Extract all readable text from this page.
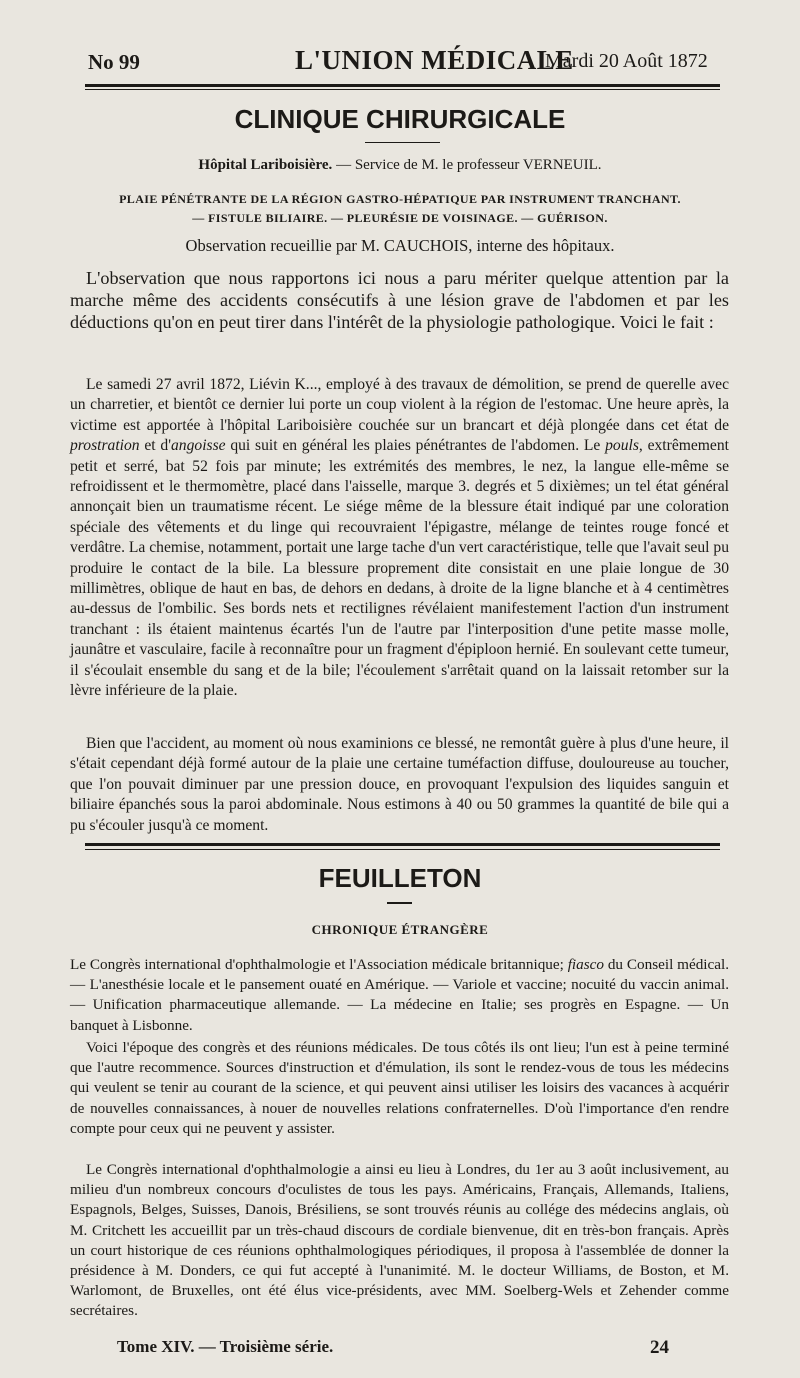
No 99	L'UNION MÉDICALE
Mardi 20 Août 1872
CLINIQUE CHIRURGICALE
Hôpital Lariboisière. — Service de M. le professeur VERNEUIL.
PLAIE PÉNÉTRANTE DE LA RÉGION GASTRO-HÉPATIQUE PAR INSTRUMENT TRANCHANT.
— FISTULE BILIAIRE. — PLEURÉSIE DE VOISINAGE. — GUÉRISON.
Observation recueillie par M. CAUCHOIS, interne des hôpitaux.

L'observation que nous rapportons ici nous a paru mériter quelque attention par la marche même des accidents consécutifs à une lésion grave de l'abdomen et par les déductions qu'on en peut tirer dans l'intérêt de la physiologie pathologique. Voici le fait :

Le samedi 27 avril 1872, Liévin K..., employé à des travaux de démolition, se prend de querelle avec un charretier, et bientôt ce dernier lui porte un coup violent à la région de l'estomac. Une heure après, la victime est apportée à l'hôpital Lariboisière couchée sur un brancart et déjà plongée dans cet état de prostration et d'angoisse qui suit en général les plaies pénétrantes de l'abdomen. Le pouls, extrêmement petit et serré, bat 52 fois par minute; les extrémités des membres, le nez, la langue elle-même se refroidissent et le thermomètre, placé dans l'aisselle, marque 3. degrés et 5 dixièmes; un tel état général annonçait bien un traumatisme récent. Le siége même de la blessure était indiqué par une coloration spéciale des vêtements et du linge qui recouvraient l'épigastre, mélange de teintes rouge foncé et verdâtre. La chemise, notamment, portait une large tache d'un vert caractéristique, telle que l'avait seul pu produire le contact de la bile. La blessure proprement dite consistait en une plaie longue de 30 millimètres, oblique de haut en bas, de dehors en dedans, à droite de la ligne blanche et à 4 centimètres au-dessus de l'ombilic. Ses bords nets et rectilignes révélaient manifestement l'action d'un instrument tranchant : ils étaient maintenus écartés l'un de l'autre par l'interposition d'une petite masse molle, jaunâtre et vasculaire, facile à reconnaître pour un fragment d'épiploon hernié. En soulevant cette tumeur, il s'écoulait ensemble du sang et de la bile; l'écoulement s'arrêtait quand on la laissait retomber sur la lèvre inférieure de la plaie.

Bien que l'accident, au moment où nous examinions ce blessé, ne remontât guère à plus d'une heure, il s'était cependant déjà formé autour de la plaie une certaine tuméfaction diffuse, douloureuse au toucher, que l'on pouvait diminuer par une pression douce, en provoquant l'expulsion des liquides sanguin et biliaire épanchés sous la paroi abdominale. Nous estimons à 40 ou 50 grammes la quantité de bile qui a pu s'écouler jusqu'à ce moment.

FEUILLETON
CHRONIQUE ÉTRANGÈRE

Le Congrès international d'ophthalmologie et l'Association médicale britannique; fiasco du Conseil médical. — L'anesthésie locale et le pansement ouaté en Amérique. — Variole et vaccine; nocuité du vaccin animal. — Unification pharmaceutique allemande. — La médecine en Italie; ses progrès en Espagne. — Un banquet à Lisbonne.

Voici l'époque des congrès et des réunions médicales. De tous côtés ils ont lieu; l'un est à peine terminé que l'autre recommence. Sources d'instruction et d'émulation, ils sont le rendez-vous de tous les médecins qui veulent se tenir au courant de la science, et qui peuvent ainsi utiliser les loisirs des vacances à acquérir de nouvelles connaissances, à nouer de nouvelles relations confraternelles. D'où l'importance d'en rendre compte pour ceux qui ne peuvent y assister.

Le Congrès international d'ophthalmologie a ainsi eu lieu à Londres, du 1er au 3 août inclusivement, au milieu d'un nombreux concours d'oculistes de tous les pays. Américains, Français, Allemands, Italiens, Espagnols, Belges, Suisses, Danois, Brésiliens, se sont trouvés réunis au collége des médecins anglais, où M. Critchett les accueillit par un très-chaud discours de cordiale bienvenue, dit en très-bon français. Après un court historique de ces réunions ophthalmologiques périodiques, il proposa à l'assemblée de donner la présidence à M. Donders, ce qui fut accepté à l'unanimité. M. le docteur Williams, de Boston, et M. Warlomont, de Bruxelles, ont été élus vice-présidents, avec MM. Soelberg-Wels et Zehender comme secrétaires.

Tome XIV. — Troisième série.	24
